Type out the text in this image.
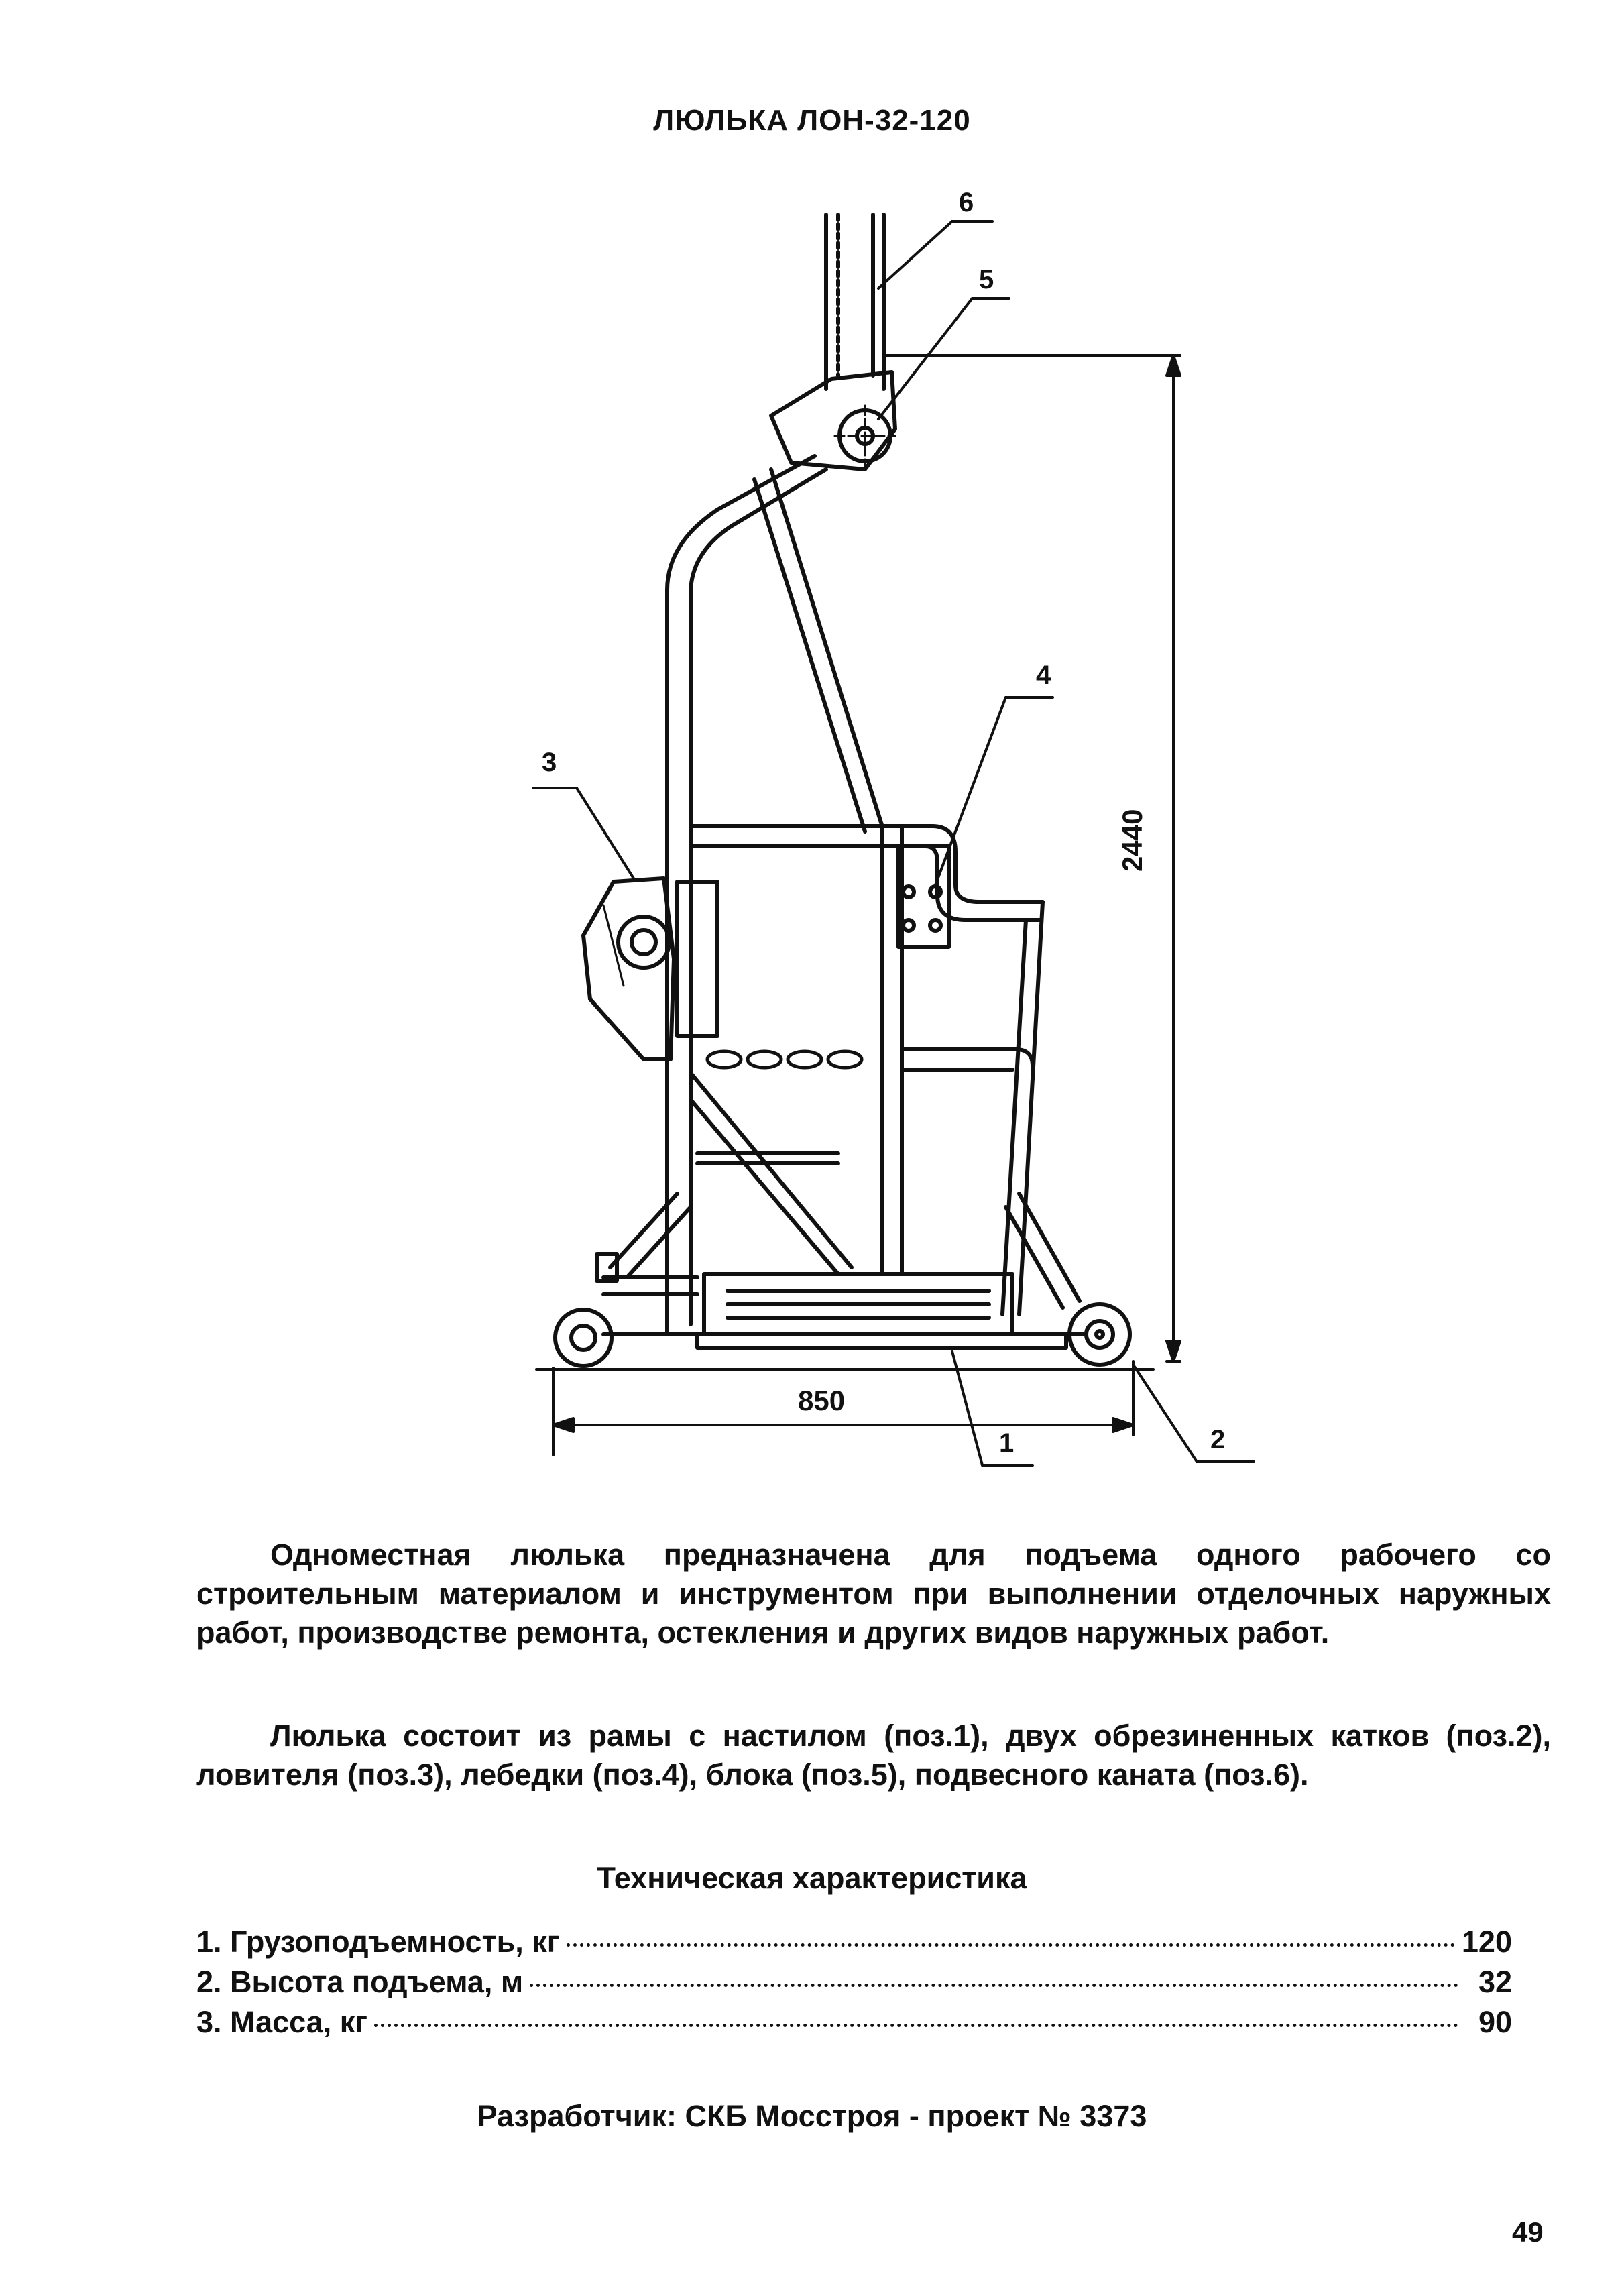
ЛЮЛЬКА ЛОН-32-120
6
5
4
3
1	2
850
2440

Одноместная люлька предназначена для подъема одного рабочего со строительным материалом и инструментом при выполнении отделочных наружных работ, производстве ремонта, остекления и других видов наружных работ.

Люлька состоит из рамы с настилом (поз.1), двух обрезиненных катков (поз.2), ловителя (поз.3), лебедки (поз.4), блока (поз.5), подвесного каната (поз.6).

Техническая характеристика
1. Грузоподъемность, кг	120
2. Высота подъема, м	32
3. Масса, кг	90
Разработчик: СКБ Мосстроя - проект № 3373
49
